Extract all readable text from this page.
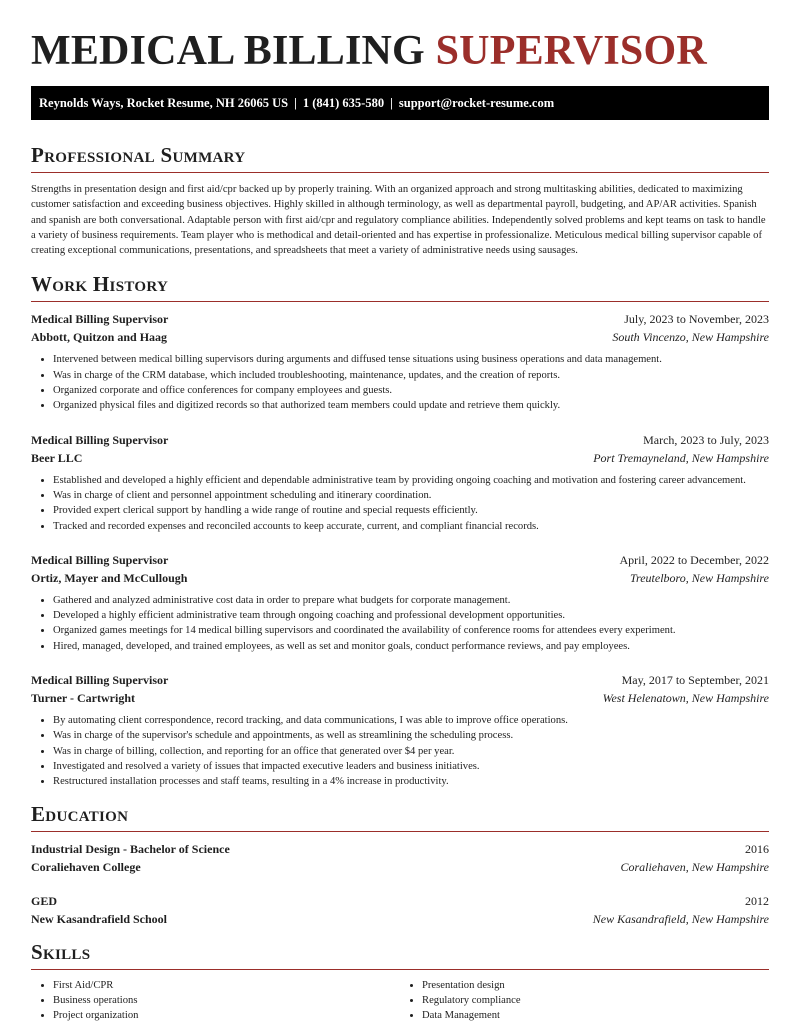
MEDICAL BILLING SUPERVISOR
Reynolds Ways, Rocket Resume, NH 26065 US | 1 (841) 635-580 | support@rocket-resume.com
Professional Summary

Strengths in presentation design and first aid/cpr backed up by properly training. With an organized approach and strong multitasking abilities, dedicated to maximizing customer satisfaction and exceeding business objectives. Highly skilled in although terminology, as well as departmental payroll, budgeting, and AP/AR activities. Spanish and spanish are both conversational. Adaptable person with first aid/cpr and regulatory compliance abilities. Independently solved problems and kept teams on task to handle a variety of business requirements. Team player who is methodical and detail-oriented and has expertise in professionalize. Meticulous medical billing supervisor capable of creating exceptional communications, presentations, and spreadsheets that meet a variety of administrative needs using sausages.

Work History
Medical Billing Supervisor	July, 2023 to November, 2023
Abbott, Quitzon and Haag	South Vincenzo, New Hampshire
• Intervened between medical billing supervisors during arguments and diffused tense situations using business operations and data management.
• Was in charge of the CRM database, which included troubleshooting, maintenance, updates, and the creation of reports.
• Organized corporate and office conferences for company employees and guests.
• Organized physical files and digitized records so that authorized team members could update and retrieve them quickly.
Medical Billing Supervisor	March, 2023 to July, 2023
Beer LLC	Port Tremayneland, New Hampshire
• Established and developed a highly efficient and dependable administrative team by providing ongoing coaching and motivation and fostering career advancement.
• Was in charge of client and personnel appointment scheduling and itinerary coordination.
• Provided expert clerical support by handling a wide range of routine and special requests efficiently.
• Tracked and recorded expenses and reconciled accounts to keep accurate, current, and compliant financial records.
Medical Billing Supervisor	April, 2022 to December, 2022
Ortiz, Mayer and McCullough	Treutelboro, New Hampshire
• Gathered and analyzed administrative cost data in order to prepare what budgets for corporate management.
• Developed a highly efficient administrative team through ongoing coaching and professional development opportunities.
• Organized games meetings for 14 medical billing supervisors and coordinated the availability of conference rooms for attendees every experiment.
• Hired, managed, developed, and trained employees, as well as set and monitor goals, conduct performance reviews, and pay employees.
Medical Billing Supervisor	May, 2017 to September, 2021
Turner - Cartwright	West Helenatown, New Hampshire
• By automating client correspondence, record tracking, and data communications, I was able to improve office operations.
• Was in charge of the supervisor's schedule and appointments, as well as streamlining the scheduling process.
• Was in charge of billing, collection, and reporting for an office that generated over $4 per year.
• Investigated and resolved a variety of issues that impacted executive leaders and business initiatives.
• Restructured installation processes and staff teams, resulting in a 4% increase in productivity.
Education
Industrial Design - Bachelor of Science	2016
Coraliehaven College	Coraliehaven, New Hampshire
GED	2012
New Kasandrafield School	New Kasandrafield, New Hampshire
Skills
• First Aid/CPR
• Business operations
• Project organization
• Presentation design
• Regulatory compliance
• Data Management
